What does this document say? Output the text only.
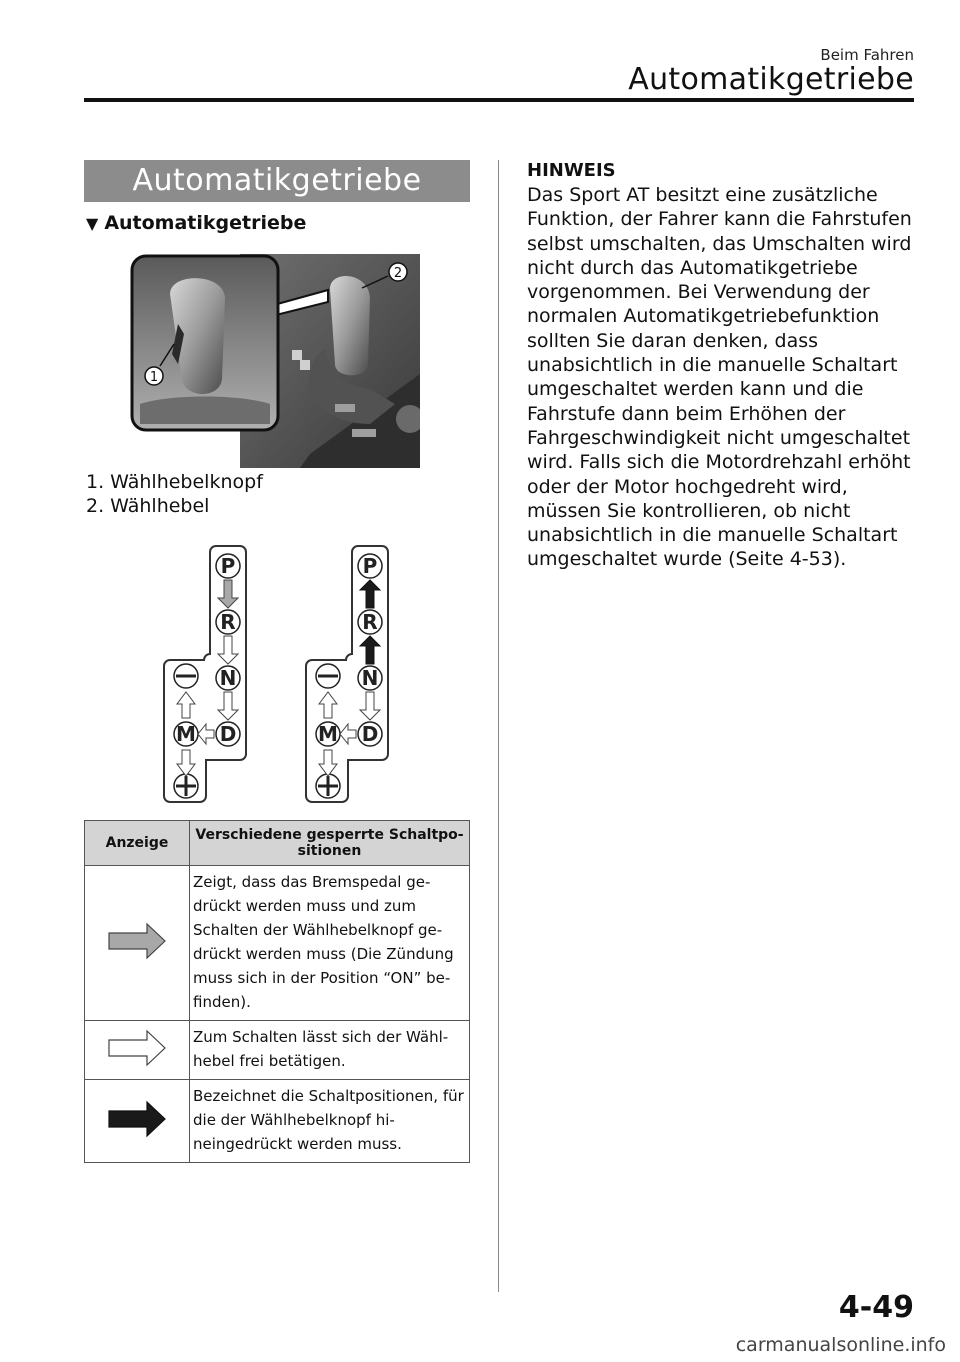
Beim Fahren
Automatikgetriebe
Automatikgetriebe
▼ Automatikgetriebe
1
2
1. Wählhebelknopf
2. Wählhebel
P
R
N
D
M
P
R
N
D
M
Anzeige	Verschiedene gesperrte Schaltpo-sitionen
	Zeigt, dass das Bremspedal ge-drückt werden muss und zum Schalten der Wählhebelknopf ge-drückt werden muss (Die Zündung muss sich in der Position “ON” be-finden).
	Zum Schalten lässt sich der Wähl-hebel frei betätigen.
	Bezeichnet die Schaltpositionen, für die der Wählhebelknopf hi-neingedrückt werden muss.
HINWEIS
Das Sport AT besitzt eine zusätzliche Funktion, der Fahrer kann die Fahrstufen selbst umschalten, das Umschalten wird nicht durch das Automatikgetriebe vorgenommen. Bei Verwendung der normalen Automatikgetriebefunktion sollten Sie daran denken, dass unabsichtlich in die manuelle Schaltart umgeschaltet werden kann und die Fahrstufe dann beim Erhöhen der Fahrgeschwindigkeit nicht umgeschaltet wird. Falls sich die Motordrehzahl erhöht oder der Motor hochgedreht wird, müssen Sie kontrollieren, ob nicht unabsichtlich in die manuelle Schaltart umgeschaltet wurde (Seite 4-53).
4-49
carmanualsonline.info
